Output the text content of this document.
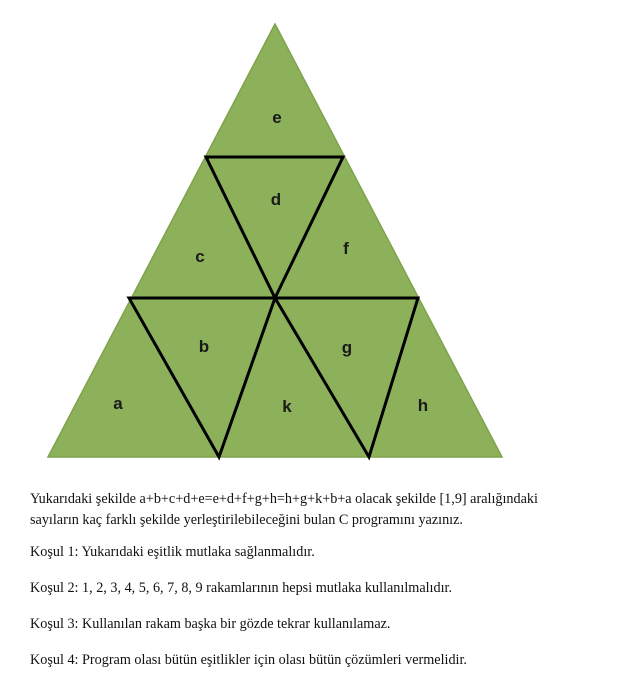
e
d
c	f
b	g
a	k	h

Yukarıdaki şekilde a+b+c+d+e=e+d+f+g+h=h+g+k+b+a olacak şekilde [1,9] aralığındaki
sayıların kaç farklı şekilde yerleştirilebileceğini bulan C programını yazınız.

Koşul 1: Yukarıdaki eşitlik mutlaka sağlanmalıdır.

Koşul 2: 1, 2, 3, 4, 5, 6, 7, 8, 9 rakamlarının hepsi mutlaka kullanılmalıdır.

Koşul 3: Kullanılan rakam başka bir gözde tekrar kullanılamaz.

Koşul 4: Program olası bütün eşitlikler için olası bütün çözümleri vermelidir.
